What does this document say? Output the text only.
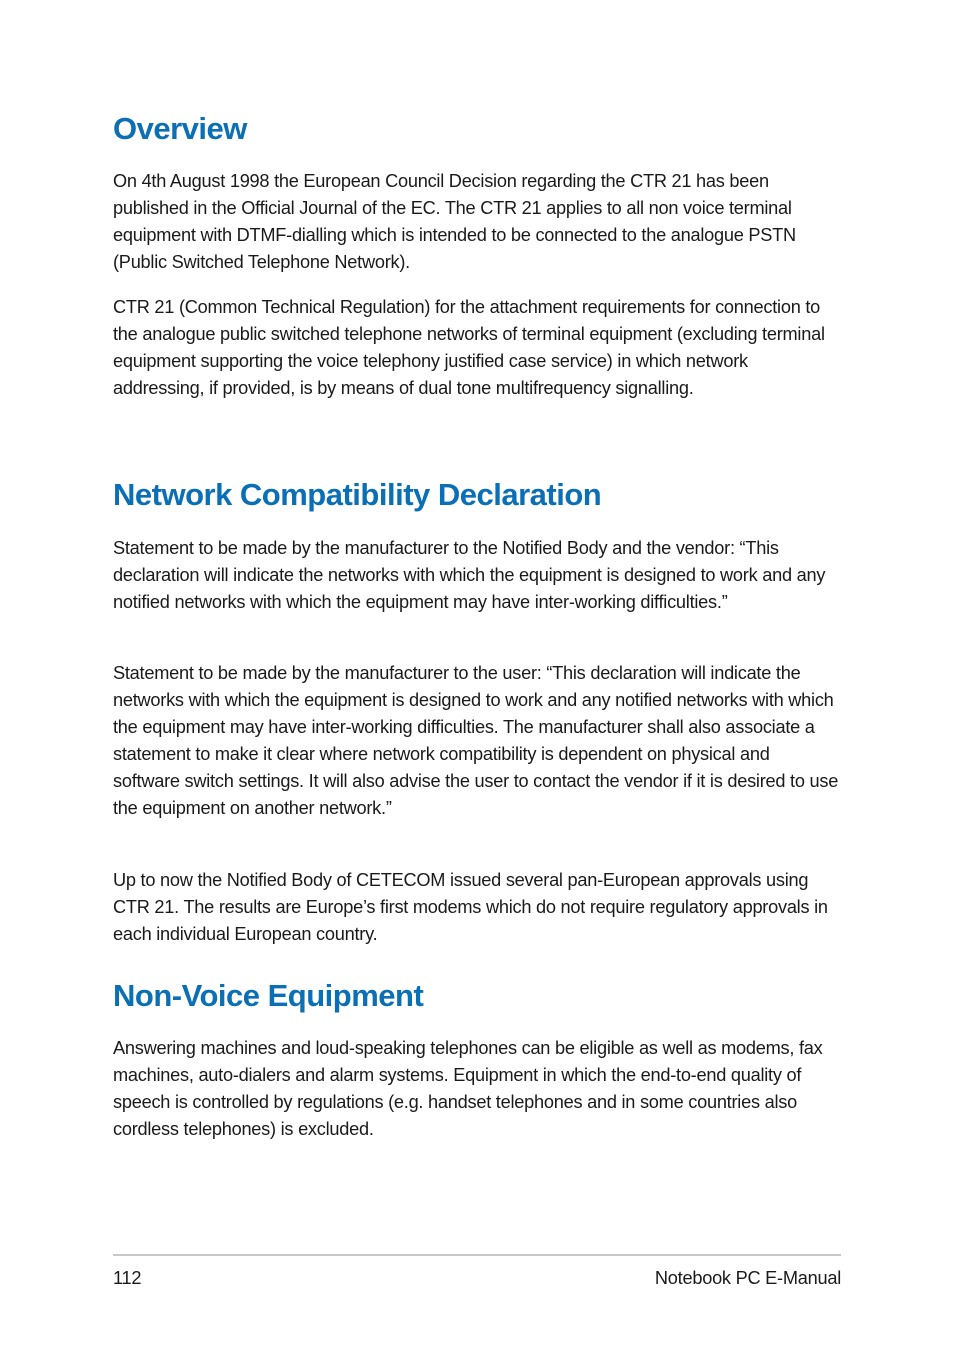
Overview

On 4th August 1998 the European Council Decision regarding the CTR 21 has been published in the Official Journal of the EC. The CTR 21 applies to all non voice terminal equipment with DTMF-dialling which is intended to be connected to the analogue PSTN (Public Switched Telephone Network).

CTR 21 (Common Technical Regulation) for the attachment requirements for connection to the analogue public switched telephone networks of terminal equipment (excluding terminal equipment supporting the voice telephony justified case service) in which network addressing, if provided, is by means of dual tone multifrequency signalling.

Network Compatibility Declaration

Statement to be made by the manufacturer to the Notified Body and the vendor: “This declaration will indicate the networks with which the equipment is designed to work and any notified networks with which the equipment may have inter-working difficulties.”

Statement to be made by the manufacturer to the user: “This declaration will indicate the networks with which the equipment is designed to work and any notified networks with which the equipment may have inter-working difficulties. The manufacturer shall also associate a statement to make it clear where network compatibility is dependent on physical and software switch settings. It will also advise the user to contact the vendor if it is desired to use the equipment on another network.”

Up to now the Notified Body of CETECOM issued several pan-European approvals using CTR 21. The results are Europe’s first modems which do not require regulatory approvals in each individual European country.

Non-Voice Equipment

Answering machines and loud-speaking telephones can be eligible as well as modems, fax machines, auto-dialers and alarm systems. Equipment in which the end-to-end quality of speech is controlled by regulations (e.g. handset telephones and in some countries also cordless telephones) is excluded.

112	Notebook PC E-Manual
